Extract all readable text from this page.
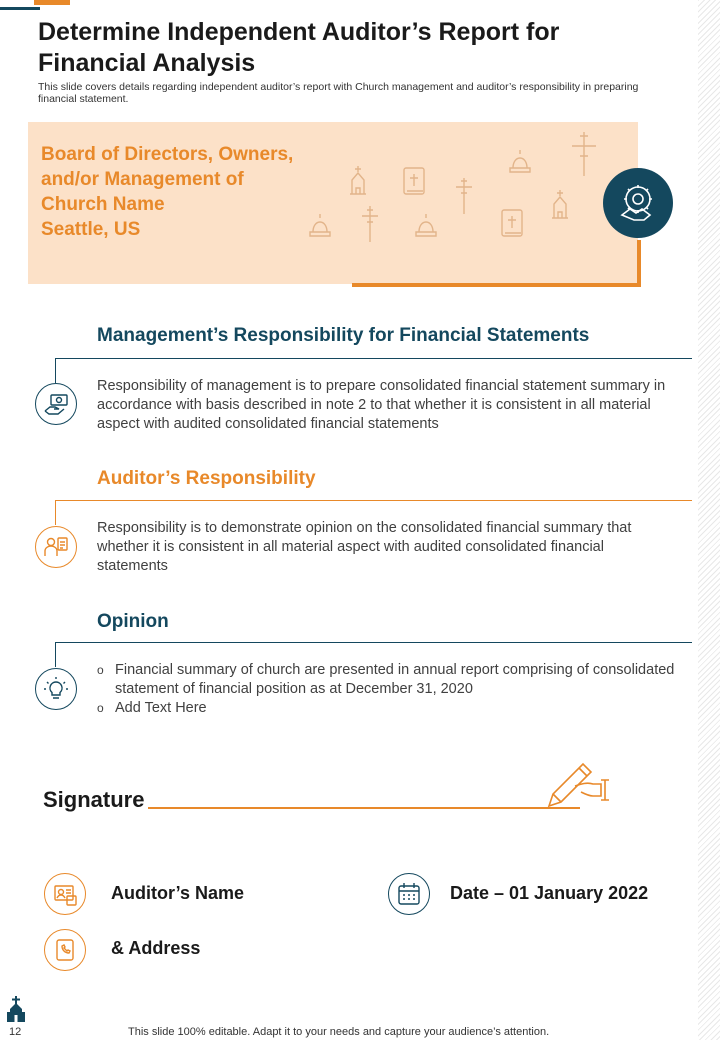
Determine Independent Auditor’s Report for Financial Analysis

This slide covers details regarding independent auditor’s report with Church management and auditor’s responsibility in preparing financial statement.

Board of Directors, Owners,
and/or Management of
Church Name
Seattle, US
Management’s Responsibility for Financial Statements

Responsibility of management is to prepare consolidated financial statement summary in accordance with basis described in note 2 to that whether it is consistent in all material aspect with audited consolidated financial statements

Auditor’s Responsibility

Responsibility is to demonstrate opinion on the consolidated financial summary that whether it is consistent in all material aspect with audited consolidated financial statements

Opinion
o Financial summary of church are presented in annual report comprising of consolidated statement of financial position as at December 31, 2020
o Add Text Here
Signature
Auditor’s Name	Date – 01 January 2022
& Address
12	This slide 100% editable. Adapt it to your needs and capture your audience’s attention.
